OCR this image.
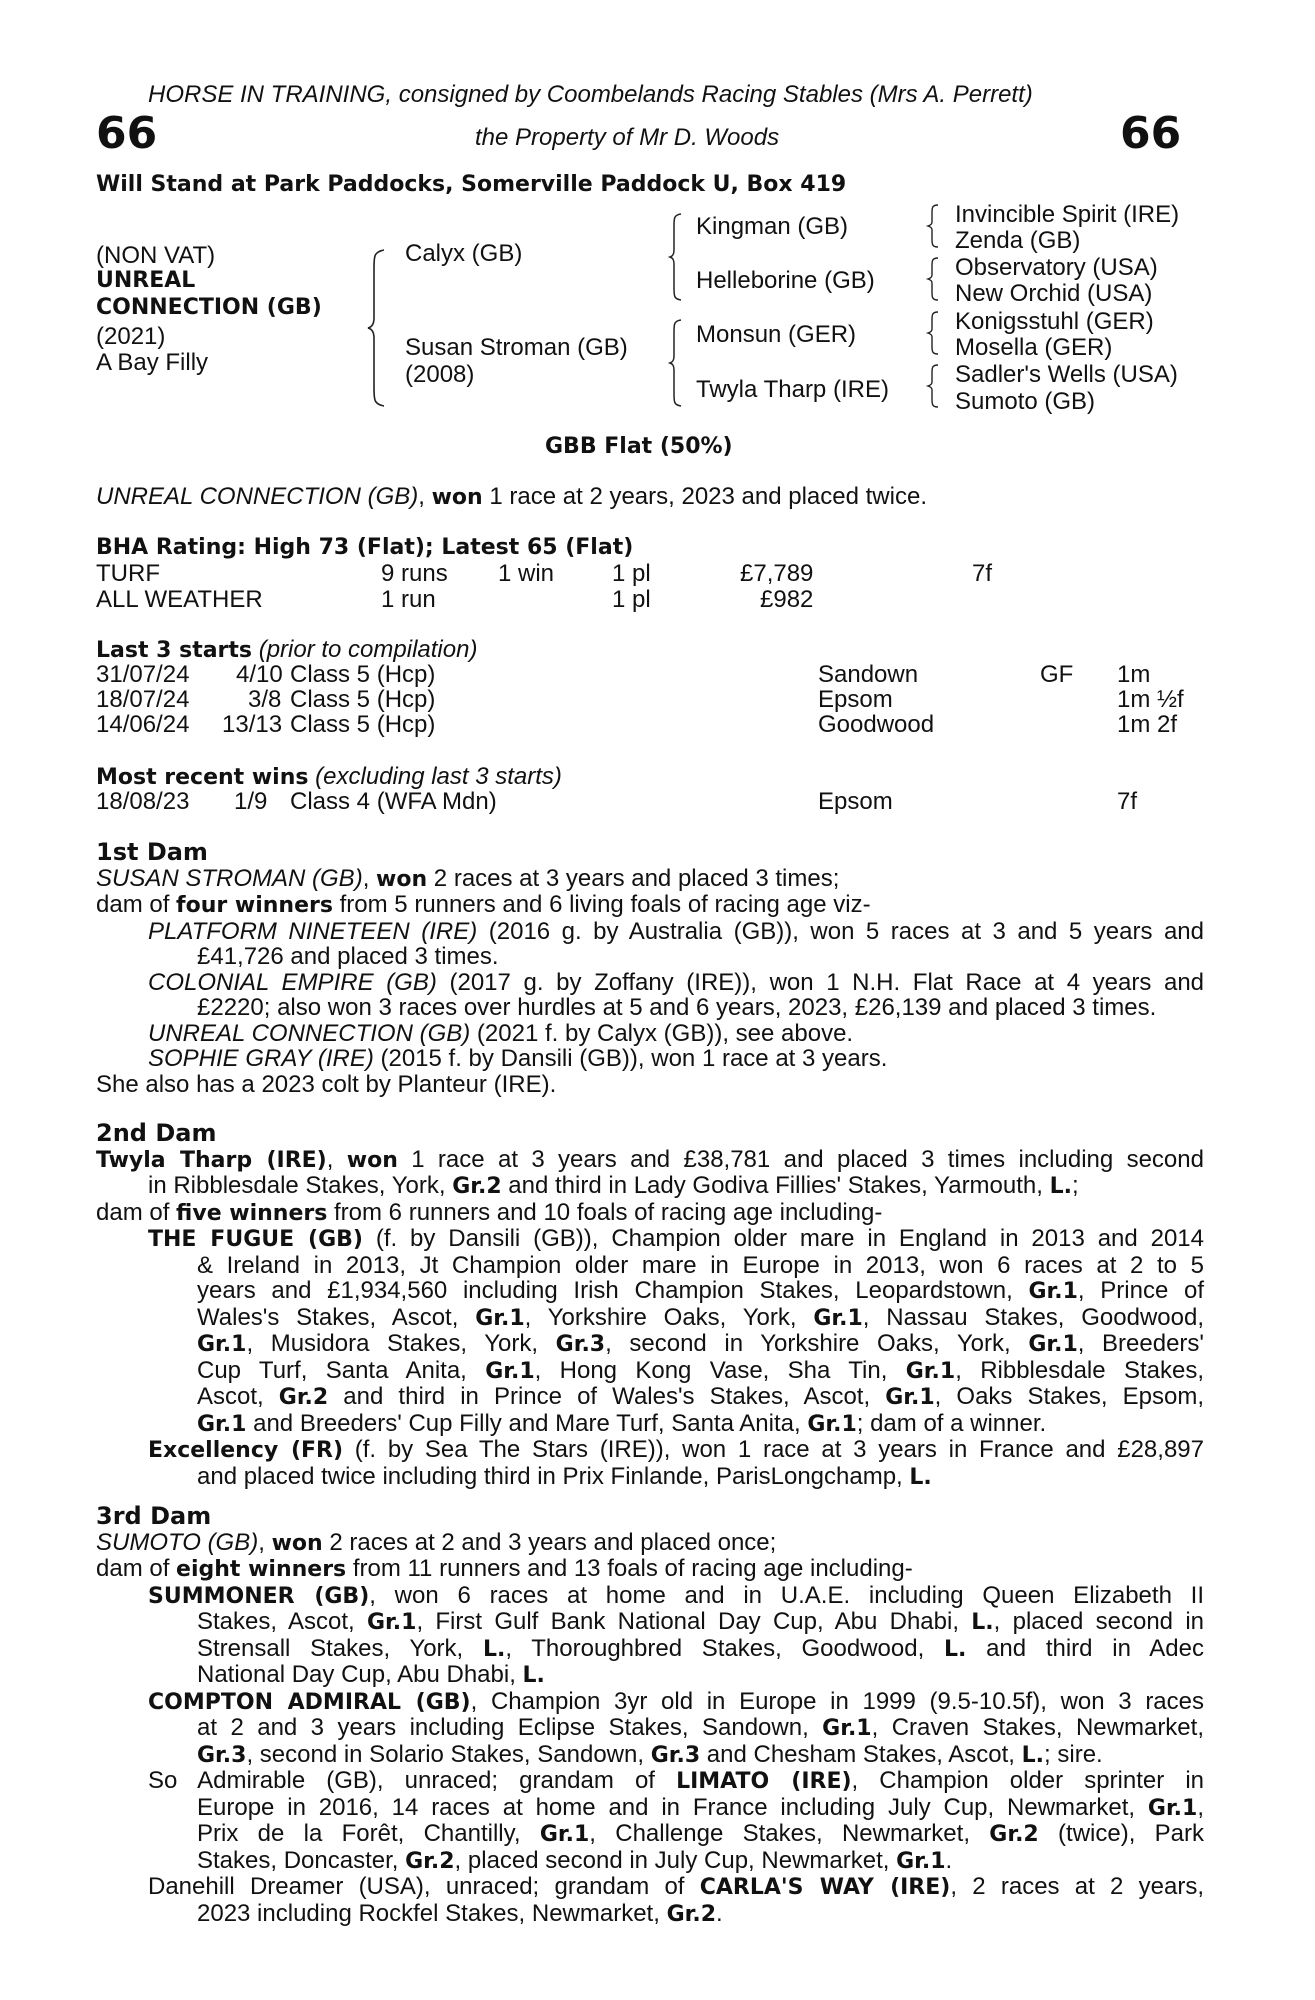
HORSE IN TRAINING, consigned by Coombelands Racing Stables (Mrs A. Perrett)
66	the Property of Mr D. Woods	66
Will Stand at Park Paddocks, Somerville Paddock U, Box 419
(NON VAT)
UNREAL
CONNECTION (GB)
(2021)
A Bay Filly
Calyx (GB)
Susan Stroman (GB)
(2008)
Kingman (GB)
Helleborine (GB)
Monsun (GER)
Twyla Tharp (IRE)
Invincible Spirit (IRE)
Zenda (GB)
Observatory (USA)
New Orchid (USA)
Konigsstuhl (GER)
Mosella (GER)
Sadler's Wells (USA)
Sumoto (GB)
GBB Flat (50%)
UNREAL CONNECTION (GB), won 1 race at 2 years, 2023 and placed twice.
BHA Rating: High 73 (Flat); Latest 65 (Flat)
TURF	9 runs 1 win 1 pl	£7,789	7f
ALL WEATHER	1 run	1 pl	£982
Last 3 starts (prior to compilation)
31/07/24 4/10 Class 5 (Hcp)	Sandown	GF 1m
18/07/24 3/8 Class 5 (Hcp)	Epsom	1m ½f
14/06/24 13/13 Class 5 (Hcp)	Goodwood	1m 2f
Most recent wins (excluding last 3 starts)
18/08/23 1/9 Class 4 (WFA Mdn)	Epsom	7f
1st Dam
SUSAN STROMAN (GB), won 2 races at 3 years and placed 3 times;
dam of four winners from 5 runners and 6 living foals of racing age viz-
PLATFORM NINETEEN (IRE) (2016 g. by Australia (GB)), won 5 races at 3 and 5 years and
£41,726 and placed 3 times.
COLONIAL EMPIRE (GB) (2017 g. by Zoffany (IRE)), won 1 N.H. Flat Race at 4 years and
£2220; also won 3 races over hurdles at 5 and 6 years, 2023, £26,139 and placed 3 times.
UNREAL CONNECTION (GB) (2021 f. by Calyx (GB)), see above.
SOPHIE GRAY (IRE) (2015 f. by Dansili (GB)), won 1 race at 3 years.
She also has a 2023 colt by Planteur (IRE).
2nd Dam
Twyla Tharp (IRE), won 1 race at 3 years and £38,781 and placed 3 times including second
in Ribblesdale Stakes, York, Gr.2 and third in Lady Godiva Fillies' Stakes, Yarmouth, L.;
dam of five winners from 6 runners and 10 foals of racing age including-
THE FUGUE (GB) (f. by Dansili (GB)), Champion older mare in England in 2013 and 2014
& Ireland in 2013, Jt Champion older mare in Europe in 2013, won 6 races at 2 to 5
years and £1,934,560 including Irish Champion Stakes, Leopardstown, Gr.1, Prince of
Wales's Stakes, Ascot, Gr.1, Yorkshire Oaks, York, Gr.1, Nassau Stakes, Goodwood,
Gr.1, Musidora Stakes, York, Gr.3, second in Yorkshire Oaks, York, Gr.1, Breeders'
Cup Turf, Santa Anita, Gr.1, Hong Kong Vase, Sha Tin, Gr.1, Ribblesdale Stakes,
Ascot, Gr.2 and third in Prince of Wales's Stakes, Ascot, Gr.1, Oaks Stakes, Epsom,
Gr.1 and Breeders' Cup Filly and Mare Turf, Santa Anita, Gr.1; dam of a winner.
Excellency (FR) (f. by Sea The Stars (IRE)), won 1 race at 3 years in France and £28,897
and placed twice including third in Prix Finlande, ParisLongchamp, L.
3rd Dam
SUMOTO (GB), won 2 races at 2 and 3 years and placed once;
dam of eight winners from 11 runners and 13 foals of racing age including-
SUMMONER (GB), won 6 races at home and in U.A.E. including Queen Elizabeth II
Stakes, Ascot, Gr.1, First Gulf Bank National Day Cup, Abu Dhabi, L., placed second in
Strensall Stakes, York, L., Thoroughbred Stakes, Goodwood, L. and third in Adec
National Day Cup, Abu Dhabi, L.
COMPTON ADMIRAL (GB), Champion 3yr old in Europe in 1999 (9.5-10.5f), won 3 races
at 2 and 3 years including Eclipse Stakes, Sandown, Gr.1, Craven Stakes, Newmarket,
Gr.3, second in Solario Stakes, Sandown, Gr.3 and Chesham Stakes, Ascot, L.; sire.
So Admirable (GB), unraced; grandam of LIMATO (IRE), Champion older sprinter in
Europe in 2016, 14 races at home and in France including July Cup, Newmarket, Gr.1,
Prix de la Forêt, Chantilly, Gr.1, Challenge Stakes, Newmarket, Gr.2 (twice), Park
Stakes, Doncaster, Gr.2, placed second in July Cup, Newmarket, Gr.1.
Danehill Dreamer (USA), unraced; grandam of CARLA'S WAY (IRE), 2 races at 2 years,
2023 including Rockfel Stakes, Newmarket, Gr.2.
